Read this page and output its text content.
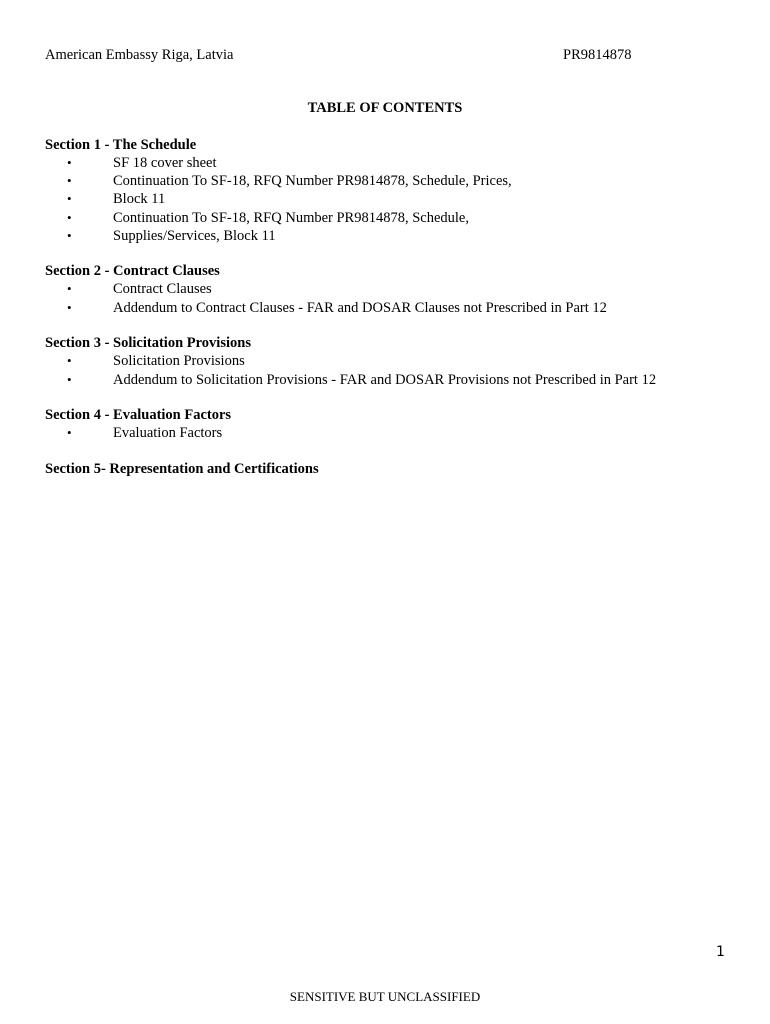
American Embassy Riga, Latvia	PR9814878
TABLE OF CONTENTS
Section 1 - The Schedule
•	SF 18 cover sheet
•	Continuation To SF-18, RFQ Number PR9814878, Schedule, Prices,
•	Block 11
•	Continuation To SF-18, RFQ Number PR9814878, Schedule,
•	Supplies/Services, Block 11
Section 2 - Contract Clauses
•	Contract Clauses
•	Addendum to Contract Clauses - FAR and DOSAR Clauses not Prescribed in Part 12
Section 3 - Solicitation Provisions
•	Solicitation Provisions
•	Addendum to Solicitation Provisions - FAR and DOSAR Provisions not Prescribed in Part 12
Section 4 - Evaluation Factors
•	Evaluation Factors
Section 5- Representation and Certifications
1
SENSITIVE BUT UNCLASSIFIED
